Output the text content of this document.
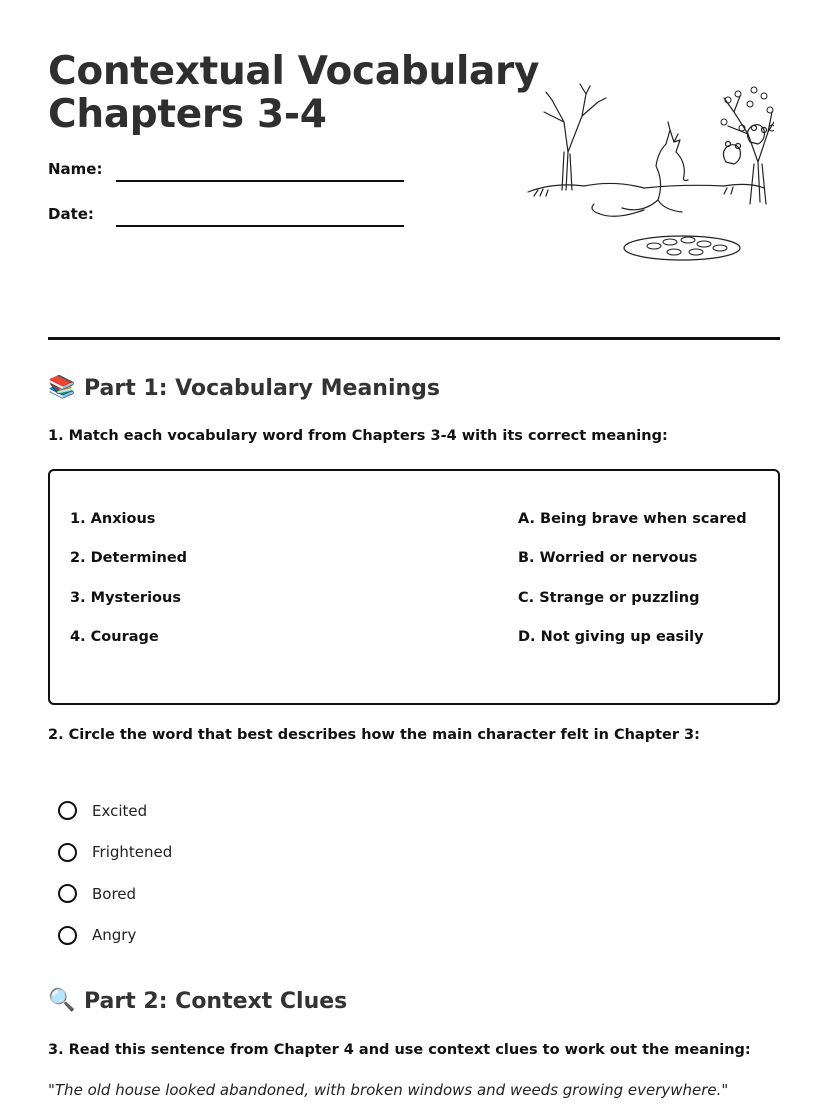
Contextual Vocabulary
Chapters 3-4
Name:
Date:
📚 Part 1: Vocabulary Meanings
1. Match each vocabulary word from Chapters 3-4 with its correct meaning:
1. Anxious
2. Determined
3. Mysterious
4. Courage
A. Being brave when scared
B. Worried or nervous
C. Strange or puzzling
D. Not giving up easily
2. Circle the word that best describes how the main character felt in Chapter 3:
Excited
Frightened
Bored
Angry
🔍 Part 2: Context Clues
3. Read this sentence from Chapter 4 and use context clues to work out the meaning:
"The old house looked abandoned, with broken windows and weeds growing everywhere."
